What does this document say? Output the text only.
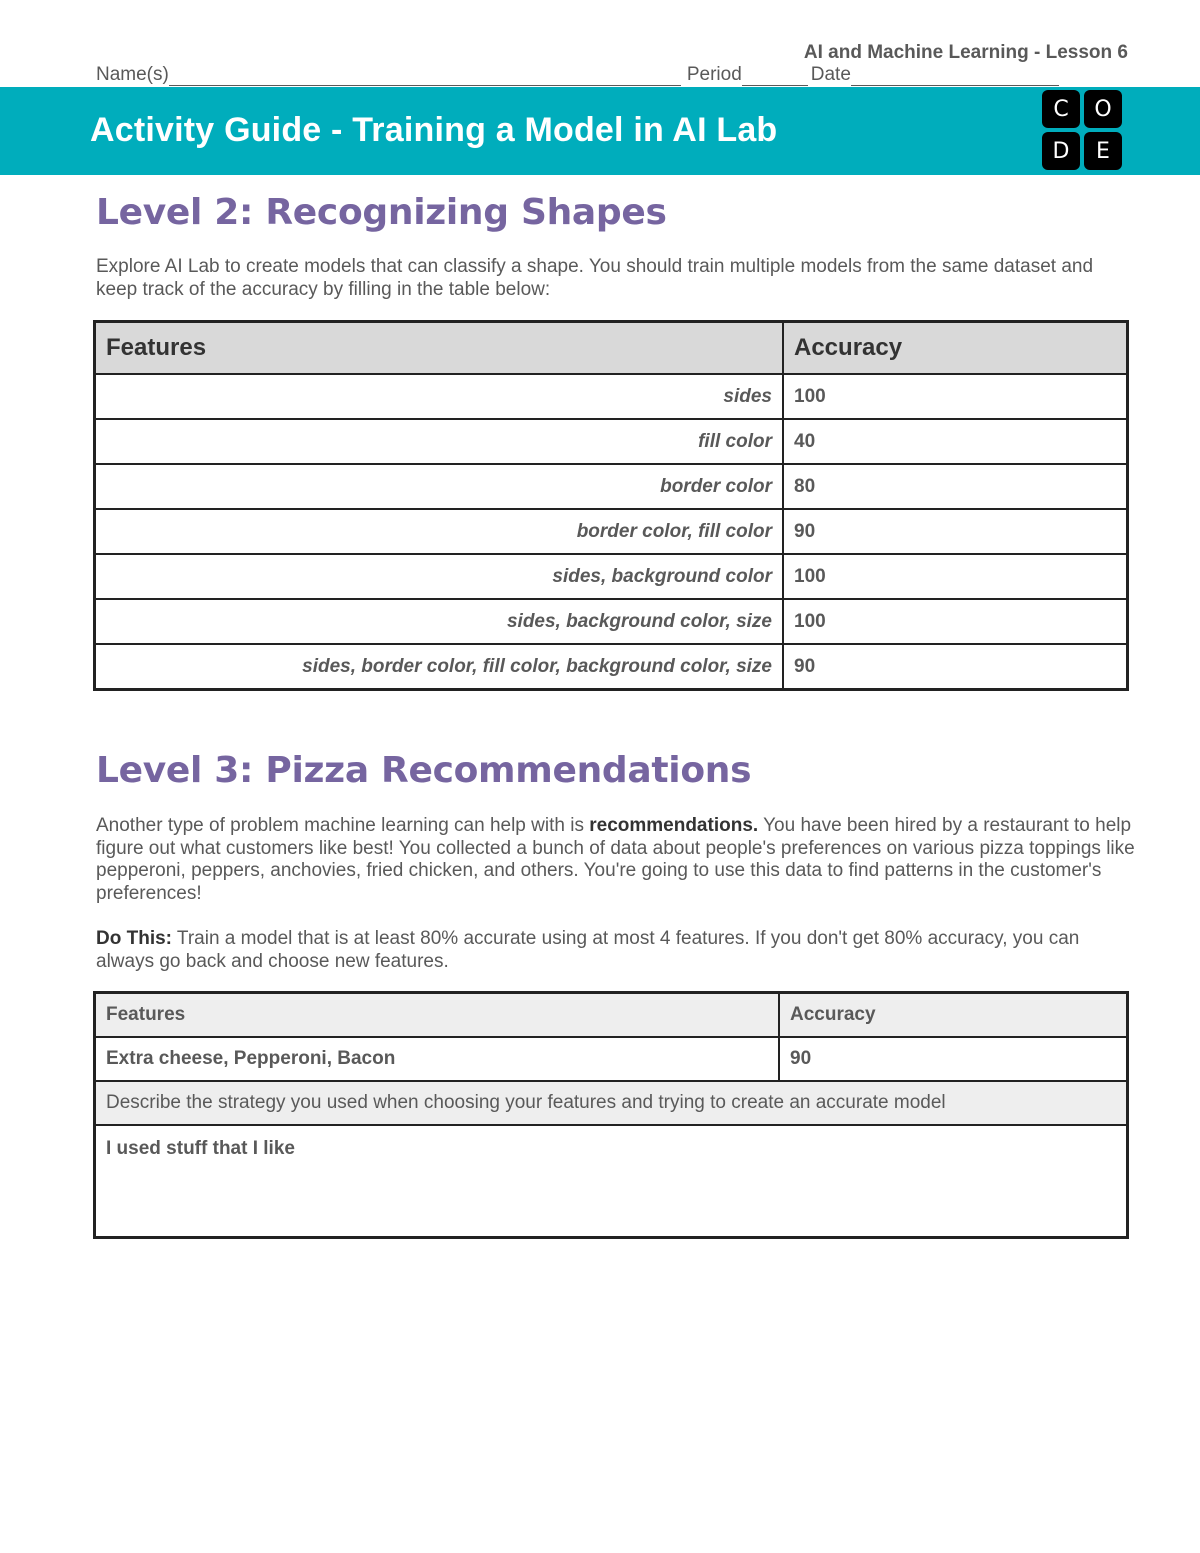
AI and Machine Learning - Lesson 6
Name(s)	Period	Date
Activity Guide - Training a Model in AI Lab
C	O
D	E
Level 2: Recognizing Shapes

Explore AI Lab to create models that can classify a shape. You should train multiple models from the same dataset and keep track of the accuracy by filling in the table below:

Features	Accuracy
sides	100
fill color	40
border color	80
border color, fill color	90
sides, background color	100
sides, background color, size	100
sides, border color, fill color, background color, size	90
Level 3: Pizza Recommendations

Another type of problem machine learning can help with is recommendations. You have been hired by a restaurant to help figure out what customers like best! You collected a bunch of data about people's preferences on various pizza toppings like pepperoni, peppers, anchovies, fried chicken, and others. You're going to use this data to find patterns in the customer's preferences!

Do This: Train a model that is at least 80% accurate using at most 4 features. If you don't get 80% accuracy, you can always go back and choose new features.

Features	Accuracy
Extra cheese, Pepperoni, Bacon	90
Describe the strategy you used when choosing your features and trying to create an accurate model	
I used stuff that I like	
